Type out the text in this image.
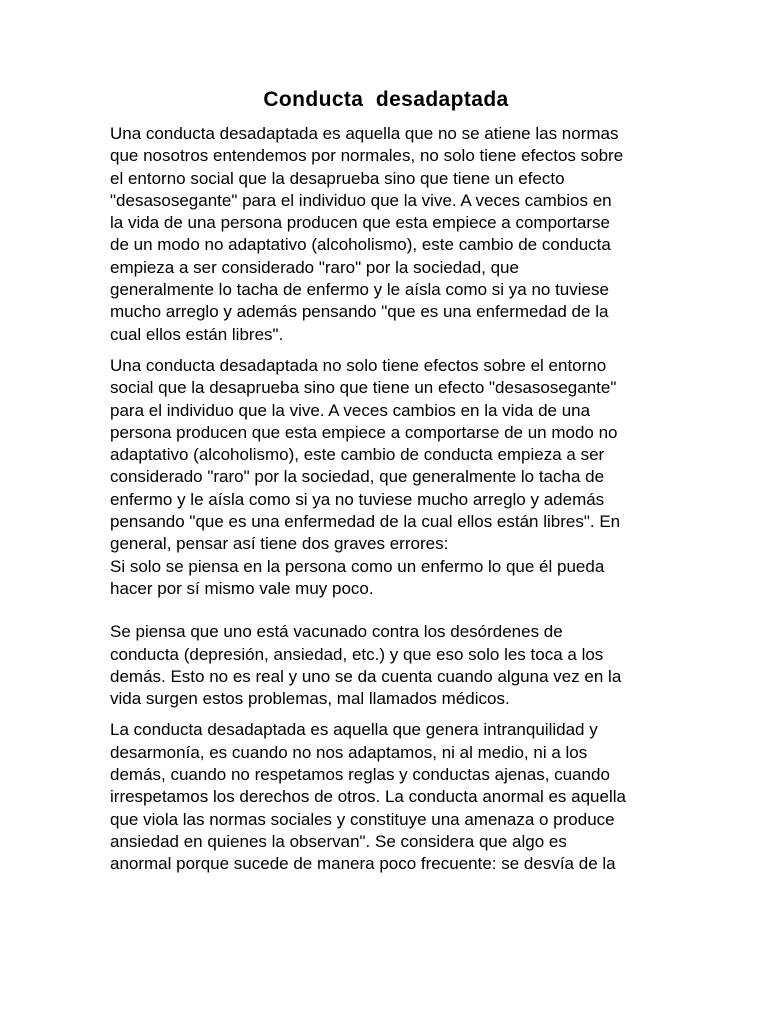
Conducta  desadaptada

Una conducta desadaptada es aquella que no se atiene las normas
que nosotros entendemos por normales, no solo tiene efectos sobre
el entorno social que la desaprueba sino que tiene un efecto
"desasosegante" para el individuo que la vive. A veces cambios en
la vida de una persona producen que esta empiece a comportarse
de un modo no adaptativo (alcoholismo), este cambio de conducta
empieza a ser considerado "raro" por la sociedad, que
generalmente lo tacha de enfermo y le aísla como si ya no tuviese
mucho arreglo y además pensando "que es una enfermedad de la
cual ellos están libres".

Una conducta desadaptada no solo tiene efectos sobre el entorno
social que la desaprueba sino que tiene un efecto "desasosegante"
para el individuo que la vive. A veces cambios en la vida de una
persona producen que esta empiece a comportarse de un modo no
adaptativo (alcoholismo), este cambio de conducta empieza a ser
considerado "raro" por la sociedad, que generalmente lo tacha de
enfermo y le aísla como si ya no tuviese mucho arreglo y además
pensando "que es una enfermedad de la cual ellos están libres". En
general, pensar así tiene dos graves errores:
Si solo se piensa en la persona como un enfermo lo que él pueda
hacer por sí mismo vale muy poco.

Se piensa que uno está vacunado contra los desórdenes de
conducta (depresión, ansiedad, etc.) y que eso solo les toca a los
demás. Esto no es real y uno se da cuenta cuando alguna vez en la
vida surgen estos problemas, mal llamados médicos.

La conducta desadaptada es aquella que genera intranquilidad y
desarmonía, es cuando no nos adaptamos, ni al medio, ni a los
demás, cuando no respetamos reglas y conductas ajenas, cuando
irrespetamos los derechos de otros. La conducta anormal es aquella
que viola las normas sociales y constituye una amenaza o produce
ansiedad en quienes la observan". Se considera que algo es
anormal porque sucede de manera poco frecuente: se desvía de la
